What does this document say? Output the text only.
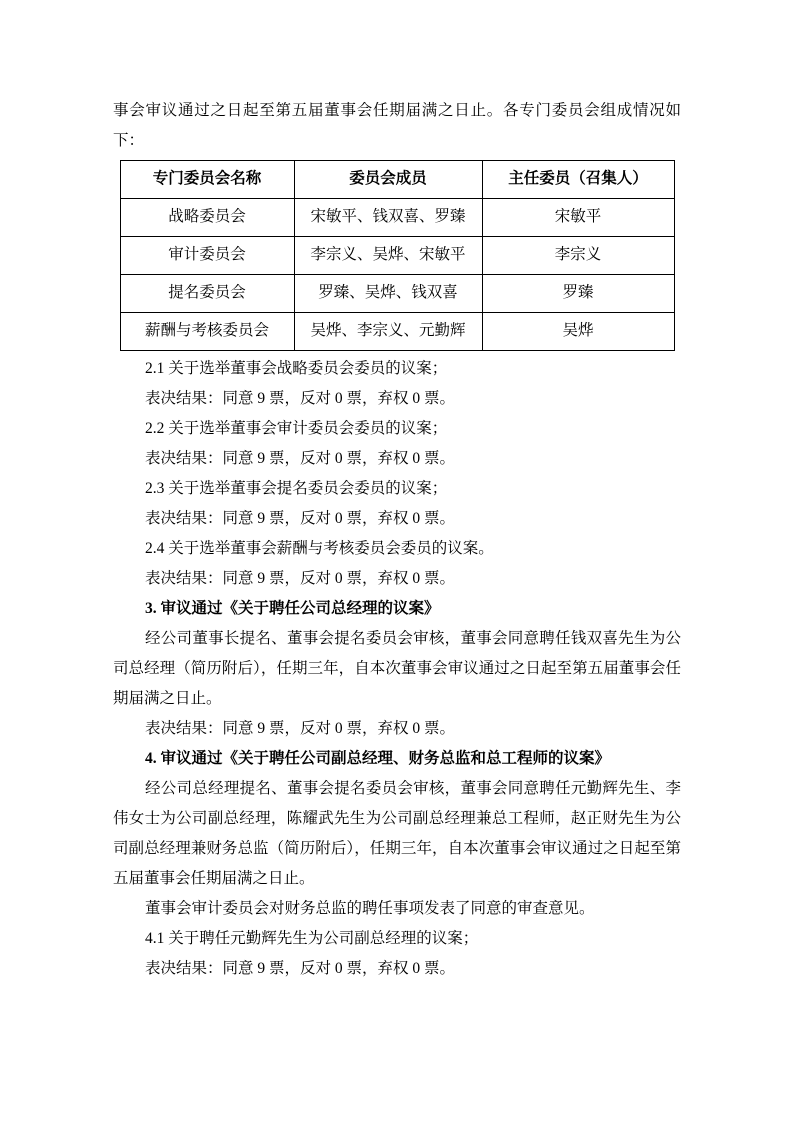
事会审议通过之日起至第五届董事会任期届满之日止。各专门委员会组成情况如下：

专门委员会名称	委员会成员	主任委员（召集人）
战略委员会	宋敏平、钱双喜、罗臻	宋敏平
审计委员会	李宗义、吴烨、宋敏平	李宗义
提名委员会	罗臻、吴烨、钱双喜	罗臻
薪酬与考核委员会	吴烨、李宗义、元勤辉	吴烨

2.1 关于选举董事会战略委员会委员的议案；

表决结果：同意 9 票，反对 0 票，弃权 0 票。

2.2 关于选举董事会审计委员会委员的议案；

表决结果：同意 9 票，反对 0 票，弃权 0 票。

2.3 关于选举董事会提名委员会委员的议案；

表决结果：同意 9 票，反对 0 票，弃权 0 票。

2.4 关于选举董事会薪酬与考核委员会委员的议案。

表决结果：同意 9 票，反对 0 票，弃权 0 票。

3. 审议通过《关于聘任公司总经理的议案》

经公司董事长提名、董事会提名委员会审核，董事会同意聘任钱双喜先生为公司总经理（简历附后），任期三年，自本次董事会审议通过之日起至第五届董事会任期届满之日止。

表决结果：同意 9 票，反对 0 票，弃权 0 票。

4. 审议通过《关于聘任公司副总经理、财务总监和总工程师的议案》

经公司总经理提名、董事会提名委员会审核，董事会同意聘任元勤辉先生、李伟女士为公司副总经理，陈耀武先生为公司副总经理兼总工程师，赵正财先生为公司副总经理兼财务总监（简历附后），任期三年，自本次董事会审议通过之日起至第五届董事会任期届满之日止。

董事会审计委员会对财务总监的聘任事项发表了同意的审查意见。

4.1 关于聘任元勤辉先生为公司副总经理的议案；

表决结果：同意 9 票，反对 0 票，弃权 0 票。
